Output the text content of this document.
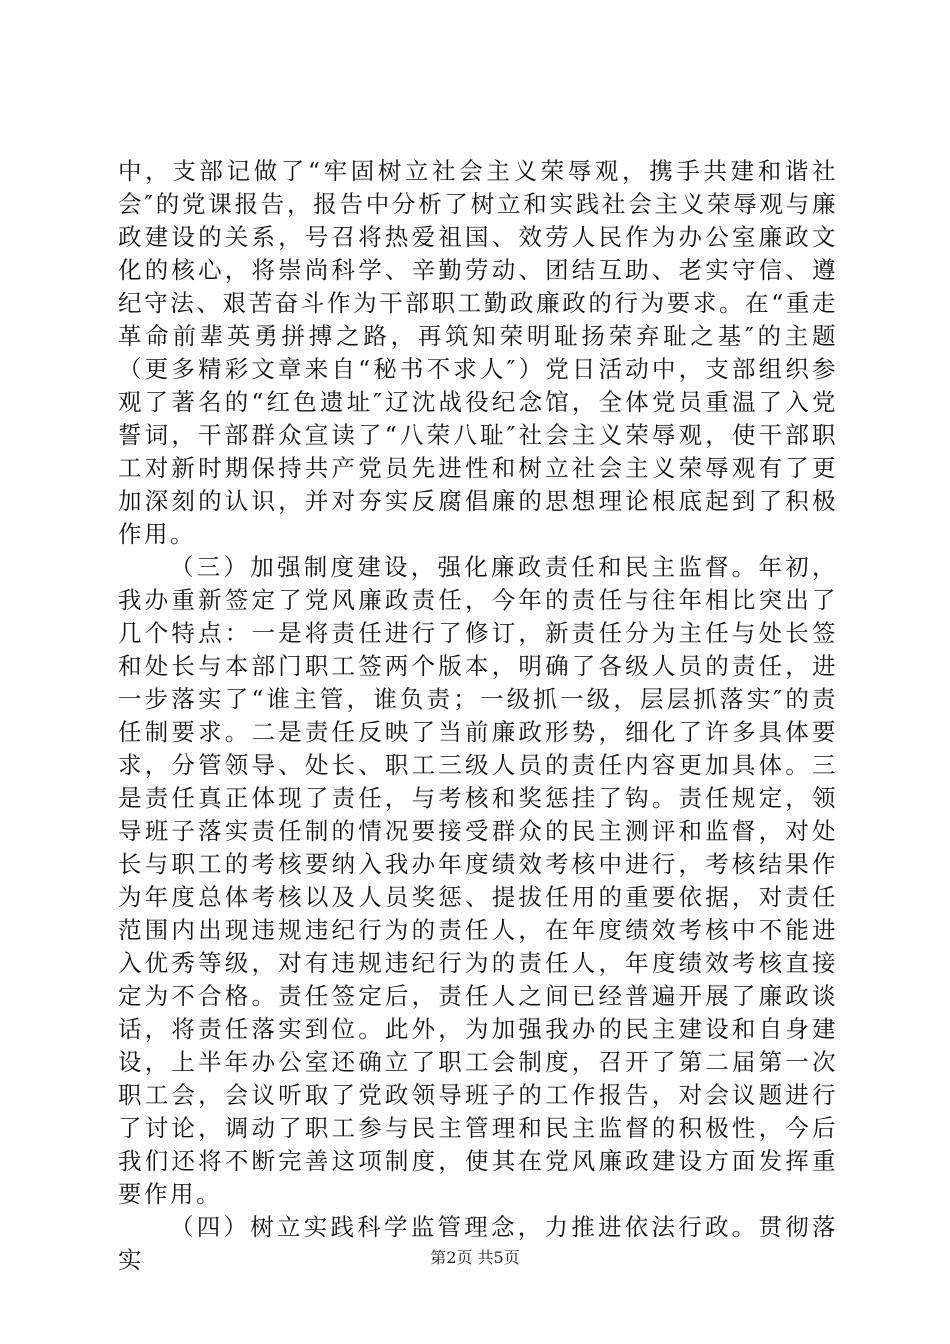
中，支部记做了“牢固树立社会主义荣辱观，携手共建和谐社会″的党课报告，报告中分析了树立和实践社会主义荣辱观与廉政建设的关系，号召将热爱祖国、效劳人民作为办公室廉政文化的核心，将崇尚科学、辛勤劳动、团结互助、老实守信、遵纪守法、艰苦奋斗作为干部职工勤政廉政的行为要求。在“重走革命前辈英勇拼搏之路，再筑知荣明耻扬荣弃耻之基″的主题（更多精彩文章来自“秘书不求人″）党日活动中，支部组织参观了著名的“红色遗址″辽沈战役纪念馆，全体党员重温了入党誓词，干部群众宣读了“八荣八耻″社会主义荣辱观，使干部职工对新时期保持共产党员先进性和树立社会主义荣辱观有了更加深刻的认识，并对夯实反腐倡廉的思想理论根底起到了积极作用。

（三）加强制度建设，强化廉政责任和民主监督。年初，我办重新签定了党风廉政责任，今年的责任与往年相比突出了几个特点：一是将责任进行了修订，新责任分为主任与处长签和处长与本部门职工签两个版本，明确了各级人员的责任，进一步落实了“谁主管，谁负责；一级抓一级，层层抓落实″的责任制要求。二是责任反映了当前廉政形势，细化了许多具体要求，分管领导、处长、职工三级人员的责任内容更加具体。三是责任真正体现了责任，与考核和奖惩挂了钩。责任规定，领导班子落实责任制的情况要接受群众的民主测评和监督，对处长与职工的考核要纳入我办年度绩效考核中进行，考核结果作为年度总体考核以及人员奖惩、提拔任用的重要依据，对责任范围内出现违规违纪行为的责任人，在年度绩效考核中不能进入优秀等级，对有违规违纪行为的责任人，年度绩效考核直接定为不合格。责任签定后，责任人之间已经普遍开展了廉政谈话，将责任落实到位。此外，为加强我办的民主建设和自身建设，上半年办公室还确立了职工会制度，召开了第二届第一次职工会，会议听取了党政领导班子的工作报告，对会议题进行了讨论，调动了职工参与民主管理和民主监督的积极性，今后我们还将不断完善这项制度，使其在党风廉政建设方面发挥重要作用。

（四）树立实践科学监管理念，力推进依法行政。贯彻落实	第2页 共5页
